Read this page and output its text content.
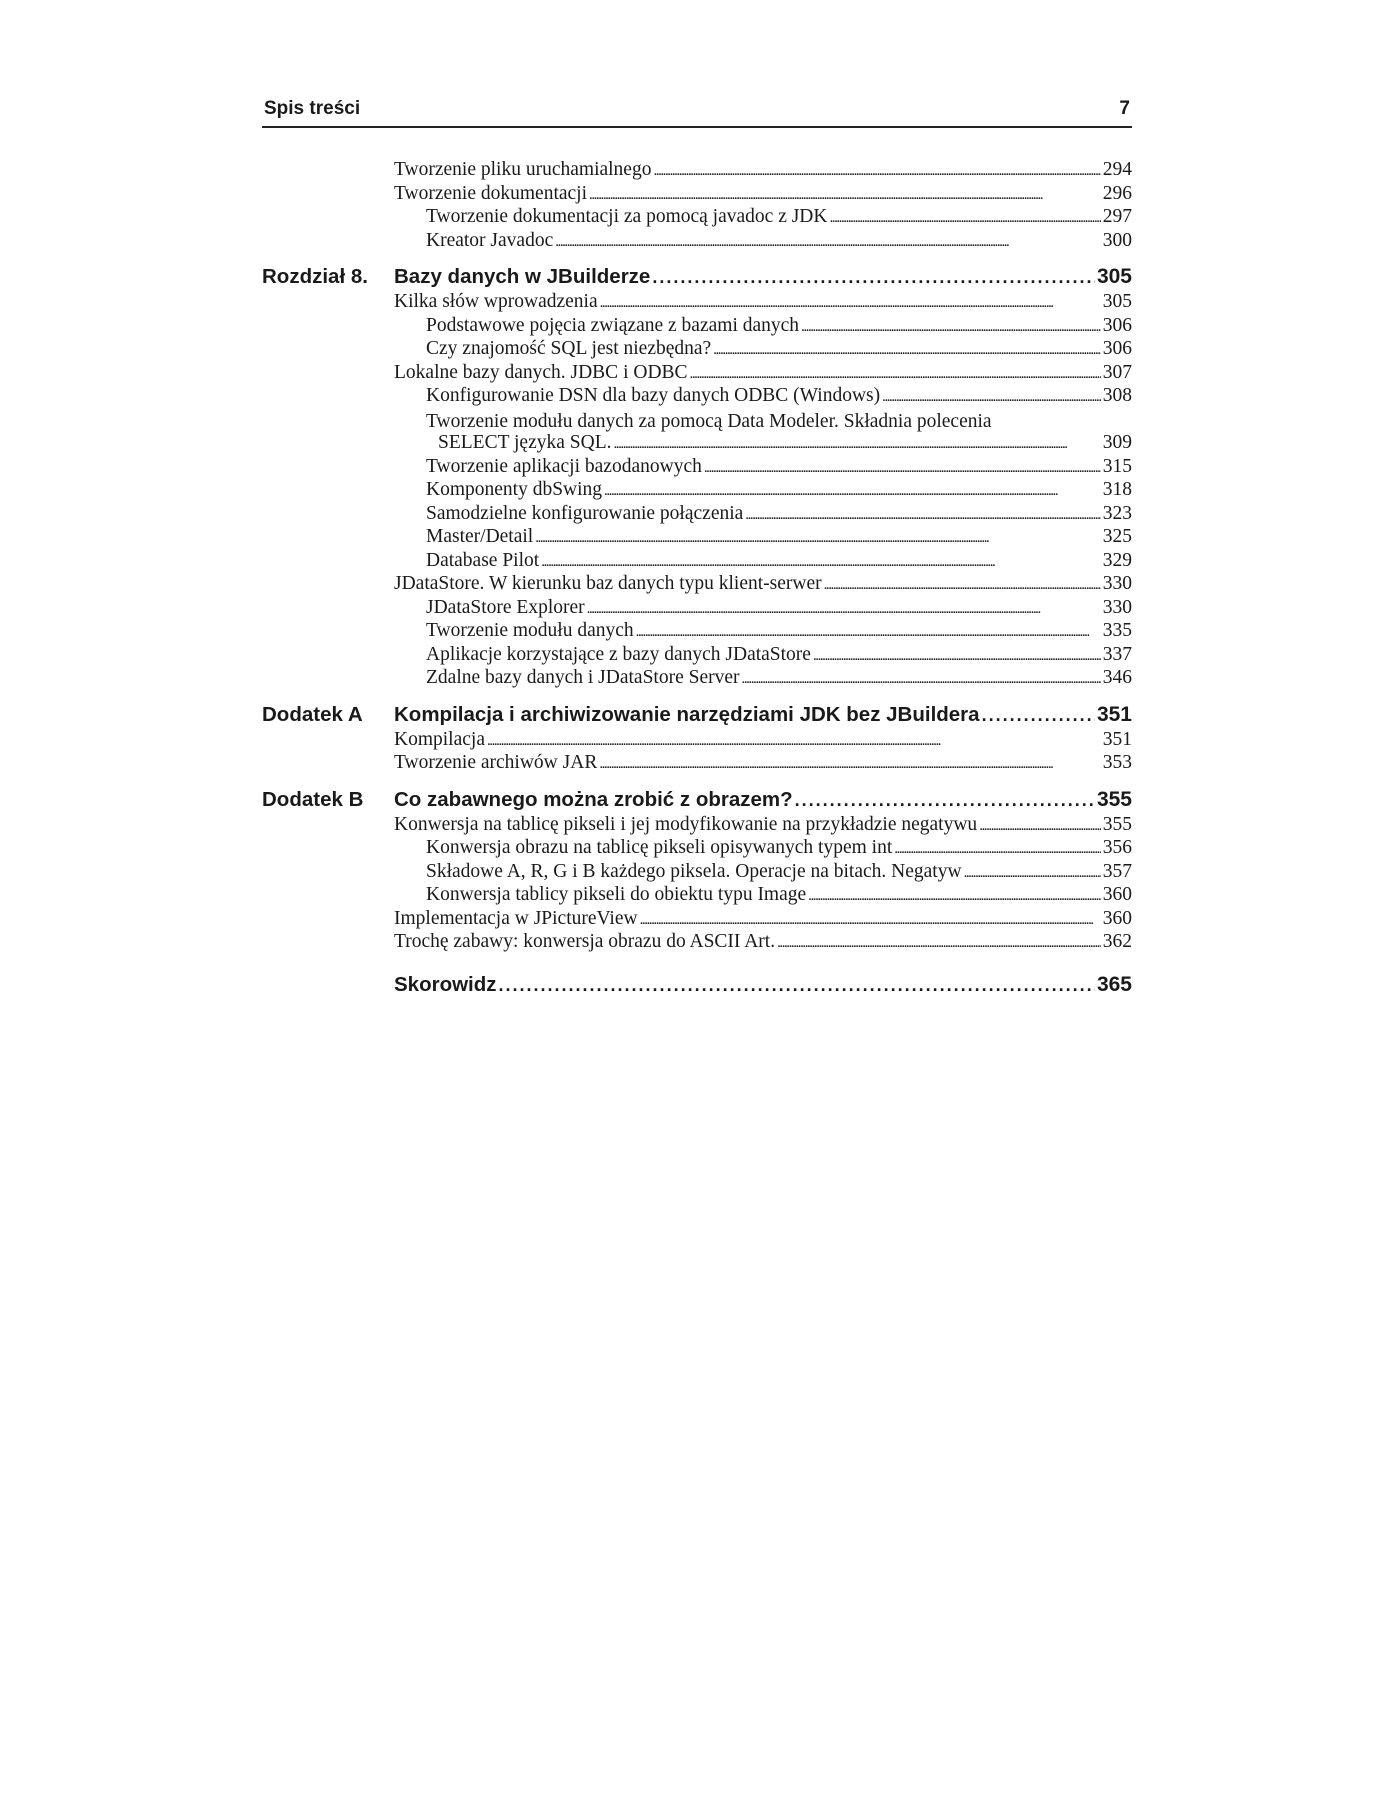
Spis treści	7
Tworzenie pliku uruchamialnego . . .	294
Tworzenie dokumentacji . . .	296
Tworzenie dokumentacji za pomocą javadoc z JDK . . .	297
Kreator Javadoc . . .	300
Rozdział 8.	Bazy danych w JBuilderze . . .	305
Kilka słów wprowadzenia . . .	305
Podstawowe pojęcia związane z bazami danych . . .	306
Czy znajomość SQL jest niezbędna? . . .	306
Lokalne bazy danych. JDBC i ODBC . . .	307
Konfigurowanie DSN dla bazy danych ODBC (Windows) . . .	308
Tworzenie modułu danych za pomocą Data Modeler. Składnia polecenia
SELECT języka SQL. . . .	309
Tworzenie aplikacji bazodanowych . . .	315
Komponenty dbSwing . . .	318
Samodzielne konfigurowanie połączenia . . .	323
Master/Detail . . .	325
Database Pilot . . .	329
JDataStore. W kierunku baz danych typu klient-serwer . . .	330
JDataStore Explorer . . .	330
Tworzenie modułu danych . . .	335
Aplikacje korzystające z bazy danych JDataStore . . .	337
Zdalne bazy danych i JDataStore Server . . .	346
Dodatek A	Kompilacja i archiwizowanie narzędziami JDK bez JBuildera . . .	351
Kompilacja . . .	351
Tworzenie archiwów JAR . . .	353
Dodatek B	Co zabawnego można zrobić z obrazem? . . .	355
Konwersja na tablicę pikseli i jej modyfikowanie na przykładzie negatywu . . .	355
Konwersja obrazu na tablicę pikseli opisywanych typem int . . .	356
Składowe A, R, G i B każdego piksela. Operacje na bitach. Negatyw . . .	357
Konwersja tablicy pikseli do obiektu typu Image . . .	360
Implementacja w JPictureView . . .	360
Trochę zabawy: konwersja obrazu do ASCII Art. . . .	362
Skorowidz . . .	365
